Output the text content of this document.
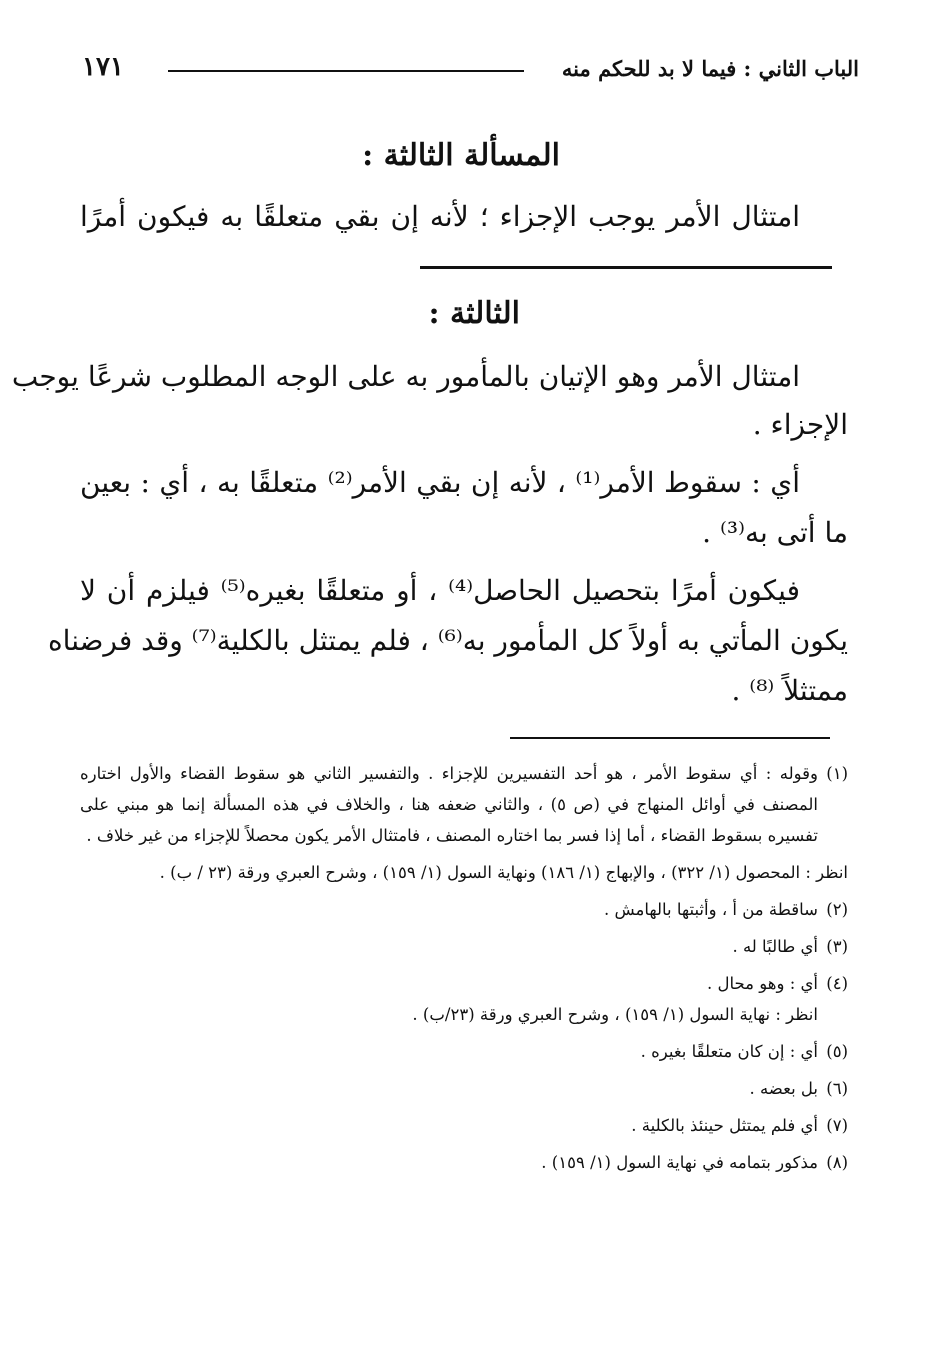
الباب الثاني : فيما لا بد للحكم منه
١٧١
المسألة الثالثة :
امتثال الأمر يوجب الإجزاء ؛ لأنه إن بقي متعلقًا به فيكون أمرًا
الثالثة :
امتثال الأمر وهو الإتيان بالمأمور به على الوجه المطلوب شرعًا يوجب
الإجزاء .
أي : سقوط الأمر⁽¹⁾ ، لأنه إن بقي الأمر⁽²⁾ متعلقًا به ، أي : بعين
ما أتى به⁽³⁾ .
فيكون أمرًا بتحصيل الحاصل⁽⁴⁾ ، أو متعلقًا بغيره⁽⁵⁾ فيلزم أن لا
يكون المأتي به أولاً كل المأمور به⁽⁶⁾ ، فلم يمتثل بالكلية⁽⁷⁾ وقد فرضناه
ممتثلاً ⁽⁸⁾ .
(١)
وقوله : أي سقوط الأمر ، هو أحد التفسيرين للإجزاء . والتفسير الثاني هو سقوط القضاء والأول اختاره المصنف في أوائل المنهاج في (ص ٥) ، والثاني ضعفه هنا ، والخلاف في هذه المسألة إنما هو مبني على تفسيره بسقوط القضاء ، أما إذا فسر بما اختاره المصنف ، فامتثال الأمر يكون محصلاً للإجزاء من غير خلاف .
انظر : المحصول (١/ ٣٢٢) ، والإبهاج (١/ ١٨٦) ونهاية السول (١/ ١٥٩) ، وشرح العبري ورقة (٢٣ / ب) .
(٢)
ساقطة من أ ، وأثبتها بالهامش .
(٣)
أي طالبًا له .
(٤)
أي : وهو محال .
انظر : نهاية السول (١/ ١٥٩) ، وشرح العبري ورقة (٢٣/ب) .
(٥)
أي : إن كان متعلقًا بغيره .
(٦)
بل بعضه .
(٧)
أي فلم يمتثل حينئذ بالكلية .
(٨)
مذكور بتمامه في نهاية السول (١/ ١٥٩) .
